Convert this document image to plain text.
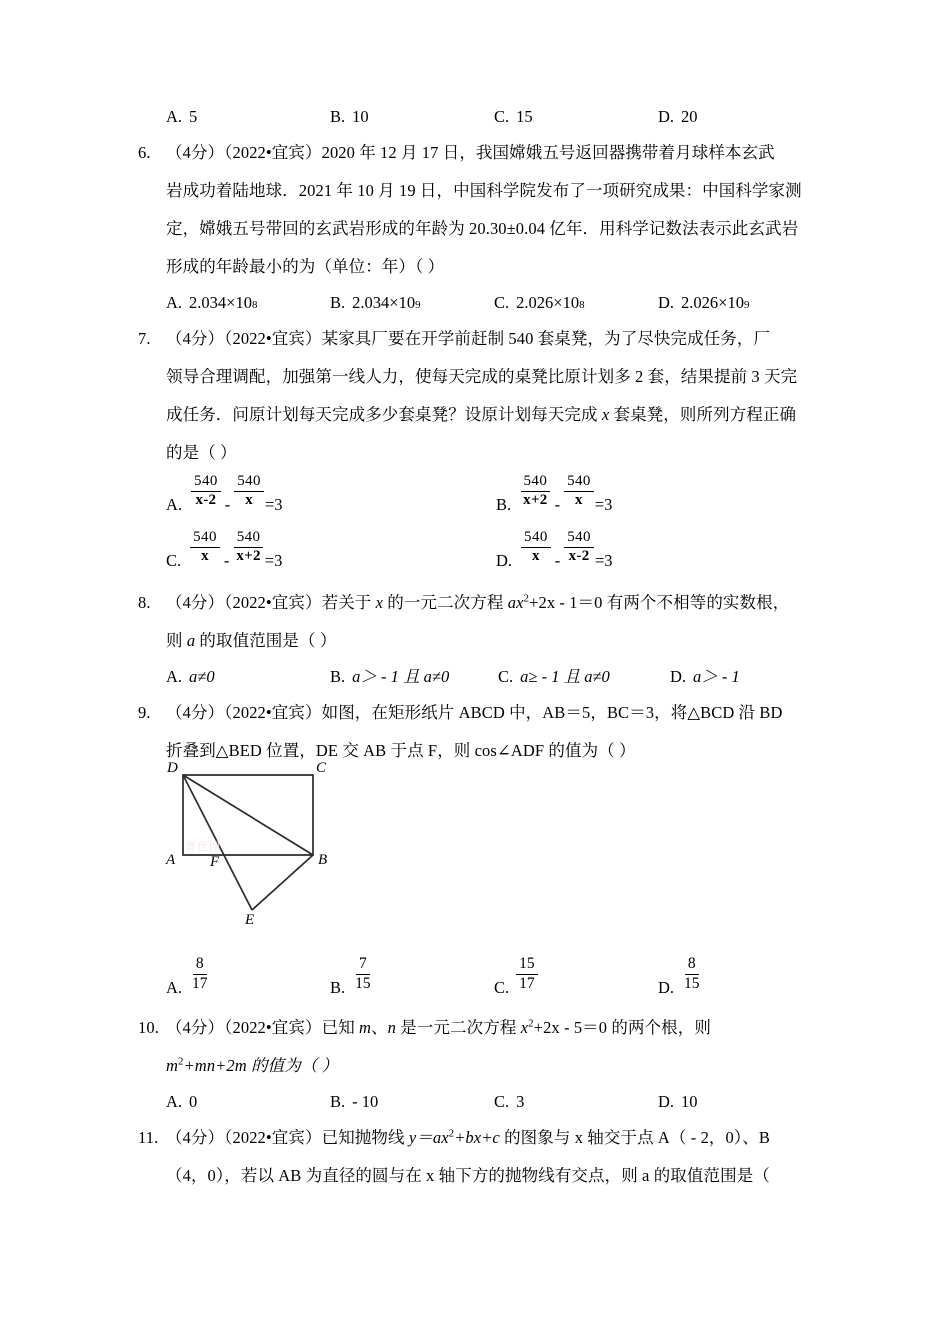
A. 5	B. 10	C. 15	D. 20
6. （4分）（2022•宜宾）2020 年 12 月 17 日，我国嫦娥五号返回器携带着月球样本玄武
岩成功着陆地球．2021 年 10 月 19 日，中国科学院发布了一项研究成果：中国科学家测
定，嫦娥五号带回的玄武岩形成的年龄为 20.30±0.04 亿年．用科学记数法表示此玄武岩
形成的年龄最小的为（单位：年）（ ）
A. 2.034×10 8	B. 2.034×10 9	C. 2.026×10 8	D. 2.026×10 9
7. （4分）（2022•宜宾）某家具厂要在开学前赶制 540 套桌凳，为了尽快完成任务，厂
领导合理调配，加强第一线人力，使每天完成的桌凳比原计划多 2 套，结果提前 3 天完
成任务．问原计划每天完成多少套桌凳？设原计划每天完成 x 套桌凳，则所列方程正确
的是（ ）
A. $\frac{540}{x-2} - \frac{540}{x} =3$	B. $\frac{540}{x+2} - \frac{540}{x} =3$
C. $\frac{540}{x} - \frac{540}{x+2} =3$	D. $\frac{540}{x} - \frac{540}{x-2} =3$
8. （4分）（2022•宜宾）若关于 x 的一元二次方程 $ax^2+2x - 1=0$ 有两个不相等的实数根，
则 a 的取值范围是（ ）
A. a≠0	B. a＞ - 1 且 a≠0	C. a≥ - 1 且 a≠0	D. a＞ - 1
9. （4分）（2022•宜宾）如图，在矩形纸片 ABCD 中，AB＝5，BC＝3，将△BCD 沿 BD
折叠到△BED 位置，DE 交 AB 于点 F，则 cos∠ADF 的值为（ ）
A	B
C
D
E
F
菁优网
A. $\frac{8}{17}$	B. $\frac{7}{15}$	C. $\frac{15}{17}$	D. $\frac{8}{15}$
10. （4分）（2022•宜宾）已知 m、n 是一元二次方程 $x^2+2x - 5=0$ 的两个根，则
$m^2+mn+2m$ 的值为（ ）
A. 0	B. - 10	C. 3	D. 10
11. （4分）（2022•宜宾）已知抛物线 $y=ax^2+bx+c$ 的图象与 x 轴交于点 A（ - 2，0）、B
（4，0），若以 AB 为直径的圆与在 x 轴下方的抛物线有交点，则 a 的取值范围是（
